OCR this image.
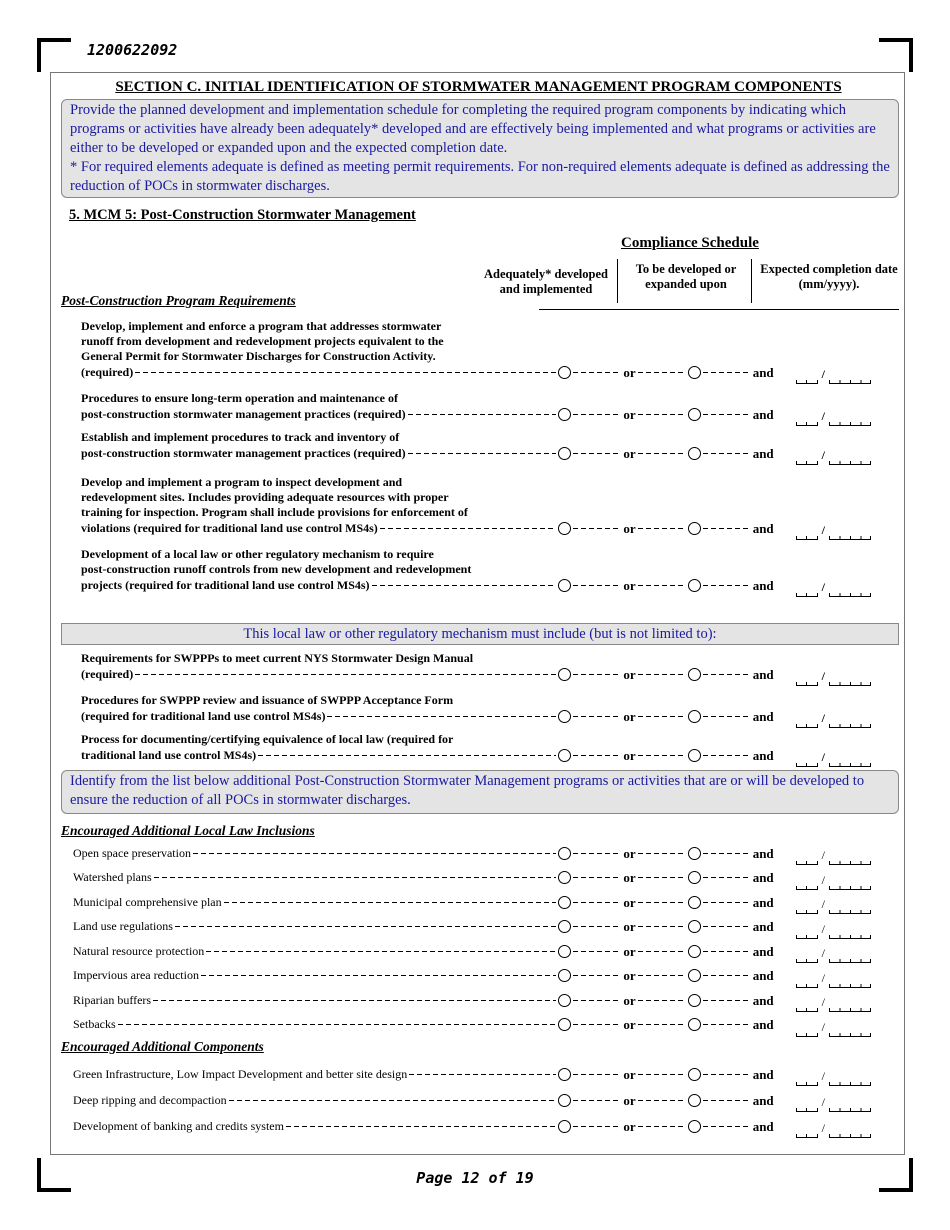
1200622092
Page 12 of 19
SECTION C. INITIAL IDENTIFICATION OF STORMWATER MANAGEMENT PROGRAM COMPONENTS
Provide the planned development and implementation schedule for completing the required program components by indicating which programs or activities have already been adequately* developed and are effectively being implemented and what programs or activities are either to be developed or expanded upon and the expected completion date.
* For required elements adequate is defined as meeting permit requirements. For non-required elements adequate is defined as addressing the reduction of POCs in stormwater discharges.
5. MCM 5: Post-Construction Stormwater Management
Compliance Schedule
Adequately* developed and implemented
To be developed or expanded upon
Expected completion date (mm/yyyy).
Post-Construction Program Requirements
Develop, implement and enforce a program that addresses stormwater
runoff from development and redevelopment projects equivalent to the
General Permit for Stormwater Discharges for Construction Activity.
(required)	or	and	/
Procedures to ensure long-term operation and maintenance of
post-construction stormwater management practices (required)	or	and	/
Establish and implement procedures to track and inventory of
post-construction stormwater management practices (required)	or	and	/
Develop and implement a program to inspect development and
redevelopment sites. Includes providing adequate resources with proper
training for inspection. Program shall include provisions for enforcement of
violations (required for traditional land use control MS4s)	or	and	/
Development of a local law or other regulatory mechanism to require
post-construction runoff controls from new development and redevelopment
projects (required for traditional land use control MS4s)	or	and	/
Requirements for SWPPPs to meet current NYS Stormwater Design Manual
(required)	or	and	/
Procedures for SWPPP review and issuance of SWPPP Acceptance Form
(required for traditional land use control MS4s)	or	and	/
Process for documenting/certifying equivalence of local law (required for
traditional land use control MS4s)	or	and	/
Open space preservation	or	and	/
Watershed plans	or	and	/
Municipal comprehensive plan	or	and	/
Land use regulations	or	and	/
Natural resource protection	or	and	/
Impervious area reduction	or	and	/
Riparian buffers	or	and	/
Setbacks	or	and	/
Green Infrastructure, Low Impact Development and better site design	or	and	/
Deep ripping and decompaction	or	and	/
Development of banking and credits system	or	and	/
This local law or other regulatory mechanism must include (but is not limited to):
Identify from the list below additional Post-Construction Stormwater Management programs or activities that are or will be developed to ensure the reduction of all POCs in stormwater discharges.
Encouraged Additional Local Law Inclusions
Encouraged Additional Components
